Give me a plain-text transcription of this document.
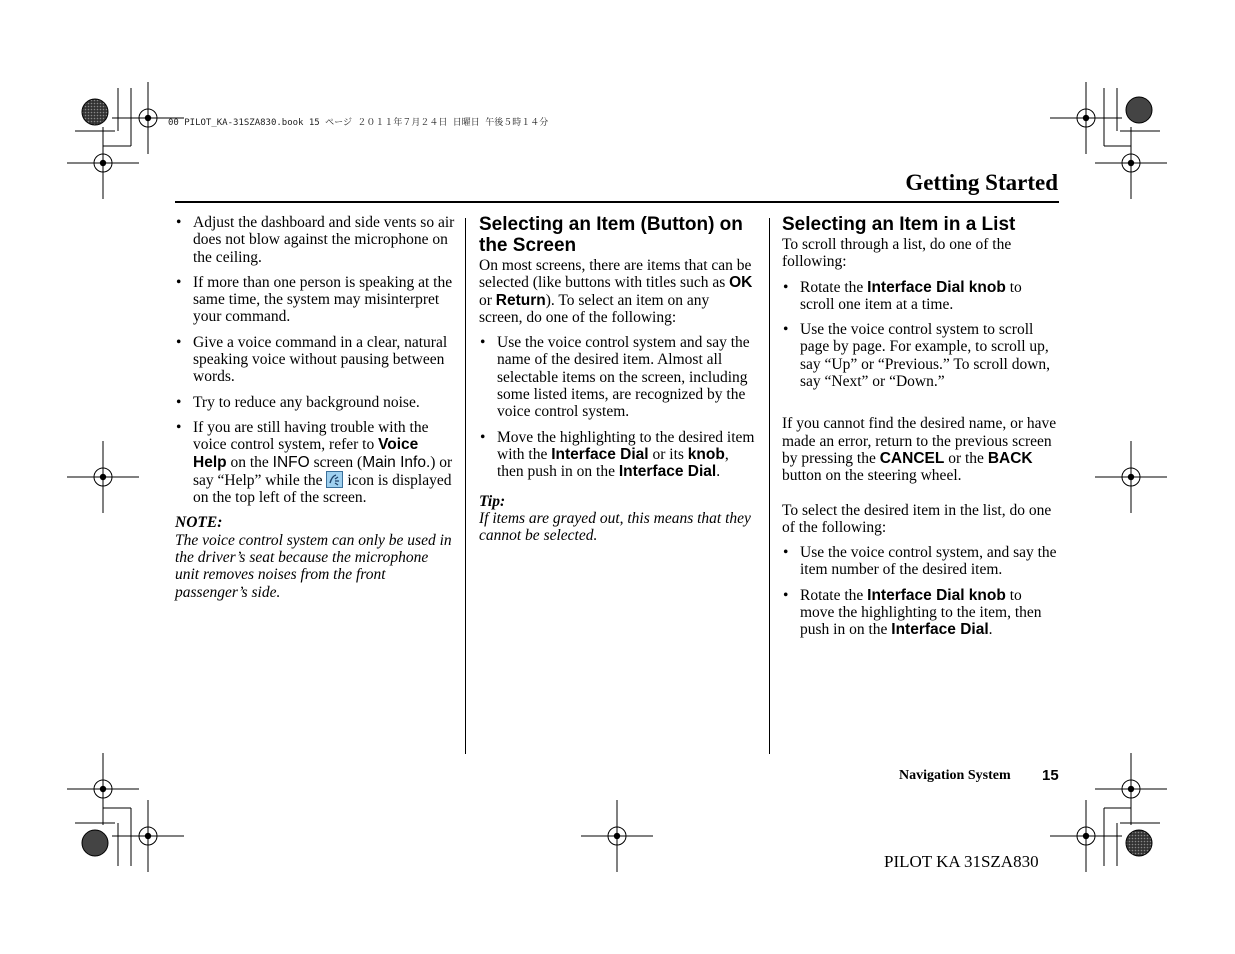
00 PILOT_KA-31SZA830.book 15 ページ ２０１１年７月２４日 日曜日 午後５時１４分
Getting Started
• Adjust the dashboard and side vents so air does not blow against the microphone on the ceiling.
• If more than one person is speaking at the same time, the system may misinterpret your command.
• Give a voice command in a clear, natural speaking voice without pausing between words.
• Try to reduce any background noise.
• If you are still having trouble with the voice control system, refer to Voice Help on the INFO screen (Main Info.) or say “Help” while the  icon is displayed on the top left of the screen.

NOTE:

The voice control system can only be used in the driver’s seat because the microphone unit removes noises from the front passenger’s side.

Selecting an Item (Button) on the Screen

On most screens, there are items that can be selected (like buttons with titles such as OK or Return). To select an item on any screen, do one of the following:

• Use the voice control system and say the name of the desired item. Almost all selectable items on the screen, including some listed items, are recognized by the voice control system.
• Move the highlighting to the desired item with the Interface Dial or its knob, then push in on the Interface Dial.

Tip:

If items are grayed out, this means that they cannot be selected.

Selecting an Item in a List

To scroll through a list, do one of the following:

• Rotate the Interface Dial knob to scroll one item at a time.
• Use the voice control system to scroll page by page. For example, to scroll up, say “Up” or “Previous.” To scroll down, say “Next” or “Down.”

If you cannot find the desired name, or have made an error, return to the previous screen by pressing the CANCEL or the BACK button on the steering wheel.

To select the desired item in the list, do one of the following:

• Use the voice control system, and say the item number of the desired item.
• Rotate the Interface Dial knob to move the highlighting to the item, then push in on the Interface Dial.
Navigation System 15
PILOT KA 31SZA830
